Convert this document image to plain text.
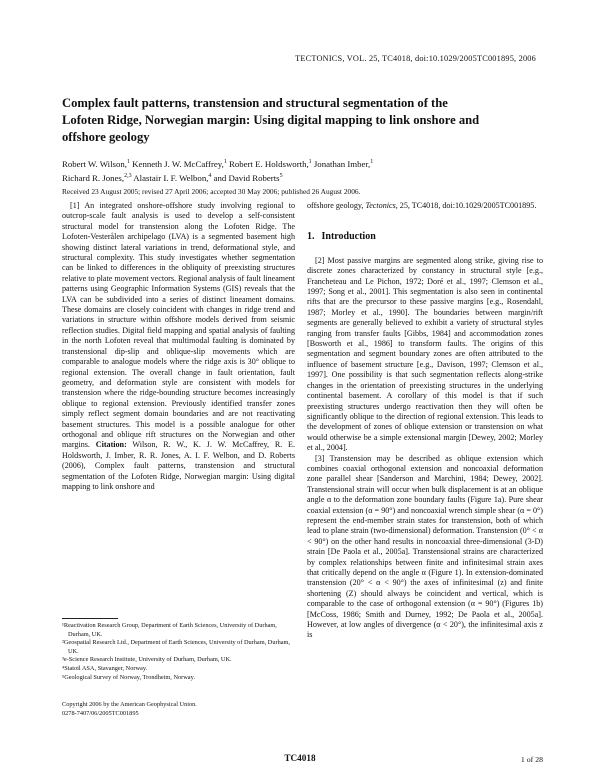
TECTONICS, VOL. 25, TC4018, doi:10.1029/2005TC001895, 2006
Complex fault patterns, transtension and structural segmentation of the Lofoten Ridge, Norwegian margin: Using digital mapping to link onshore and offshore geology
Robert W. Wilson,$^1$ Kenneth J. W. McCaffrey,$^1$ Robert E. Holdsworth,$^1$ Jonathan Imber,$^1$
Richard R. Jones,$^{2,3}$ Alastair I. F. Welbon,$^4$ and David Roberts$^5$
Received 23 August 2005; revised 27 April 2006; accepted 30 May 2006; published 26 August 2006.

[1] An integrated onshore-offshore study involving regional to outcrop-scale fault analysis is used to develop a self-consistent structural model for transtension along the Lofoten Ridge. The Lofoten-Vesterålen archipelago (LVA) is a segmented basement high showing distinct lateral variations in trend, deformational style, and structural complexity. This study investigates whether segmentation can be linked to differences in the obliquity of preexisting structures relative to plate movement vectors. Regional analysis of fault lineament patterns using Geographic Information Systems (GIS) reveals that the LVA can be subdivided into a series of distinct lineament domains. These domains are closely coincident with changes in ridge trend and variations in structure within offshore models derived from seismic reflection studies. Digital field mapping and spatial analysis of faulting in the north Lofoten reveal that multimodal faulting is dominated by transtensional dip-slip and oblique-slip movements which are comparable to analogue models where the ridge axis is 30° oblique to regional extension. The overall change in fault orientation, fault geometry, and deformation style are consistent with models for transtension where the ridge-bounding structure becomes increasingly oblique to regional extension. Previously identified transfer zones simply reflect segment domain boundaries and are not reactivating basement structures. This model is a possible analogue for other orthogonal and oblique rift structures on the Norwegian and other margins. Citation: Wilson, R. W., K. J. W. McCaffrey, R. E. Holdsworth, J. Imber, R. R. Jones, A. I. F. Welbon, and D. Roberts (2006), Complex fault patterns, transtension and structural segmentation of the Lofoten Ridge, Norwegian margin: Using digital mapping to link onshore and

offshore geology, Tectonics, 25, TC4018, doi:10.1029/2005TC001895.

1. Introduction

[2] Most passive margins are segmented along strike, giving rise to discrete zones characterized by constancy in structural style [e.g., Francheteau and Le Pichon, 1972; Doré et al., 1997; Clemson et al., 1997; Song et al., 2001]. This segmentation is also seen in continental rifts that are the precursor to these passive margins [e.g., Rosendahl, 1987; Morley et al., 1990]. The boundaries between margin/rift segments are generally believed to exhibit a variety of structural styles ranging from transfer faults [Gibbs, 1984] and accommodation zones [Bosworth et al., 1986] to transform faults. The origins of this segmentation and segment boundary zones are often attributed to the influence of basement structure [e.g., Davison, 1997; Clemson et al., 1997]. One possibility is that such segmentation reflects along-strike changes in the orientation of preexisting structures in the underlying continental basement. A corollary of this model is that if such preexisting structures undergo reactivation then they will often be significantly oblique to the direction of regional extension. This leads to the development of zones of oblique extension or transtension on what would otherwise be a simple extensional margin [Dewey, 2002; Morley et al., 2004].

[3] Transtension may be described as oblique extension which combines coaxial orthogonal extension and noncoaxial deformation zone parallel shear [Sanderson and Marchini, 1984; Dewey, 2002]. Transtensional strain will occur when bulk displacement is at an oblique angle α to the deformation zone boundary faults (Figure 1a). Pure shear coaxial extension (α = 90°) and noncoaxial wrench simple shear (α = 0°) represent the end-member strain states for transtension, both of which lead to plane strain (two-dimensional) deformation. Transtension (0° < α < 90°) on the other hand results in noncoaxial three-dimensional (3-D) strain [De Paola et al., 2005a]. Transtensional strains are characterized by complex relationships between finite and infinitesimal strain axes that critically depend on the angle α (Figure 1). In extension-dominated transtension (20° < α < 90°) the axes of infinitesimal (z) and finite shortening (Z) should always be coincident and vertical, which is comparable to the case of orthogonal extension (α = 90°) (Figures 1b) [McCoss, 1986; Smith and Durney, 1992; De Paola et al., 2005a]. However, at low angles of divergence (α < 20°), the infinitesimal axis z is

¹Reactivation Research Group, Department of Earth Sciences, University of Durham, Durham, UK.

²Geospatial Research Ltd., Department of Earth Sciences, University of Durham, Durham, UK.

³e-Science Research Institute, University of Durham, Durham, UK.

⁴Statoil ASA, Stavanger, Norway.

⁵Geological Survey of Norway, Trondheim, Norway.

Copyright 2006 by the American Geophysical Union.
0278-7407/06/2005TC001895
TC4018	1 of 28
